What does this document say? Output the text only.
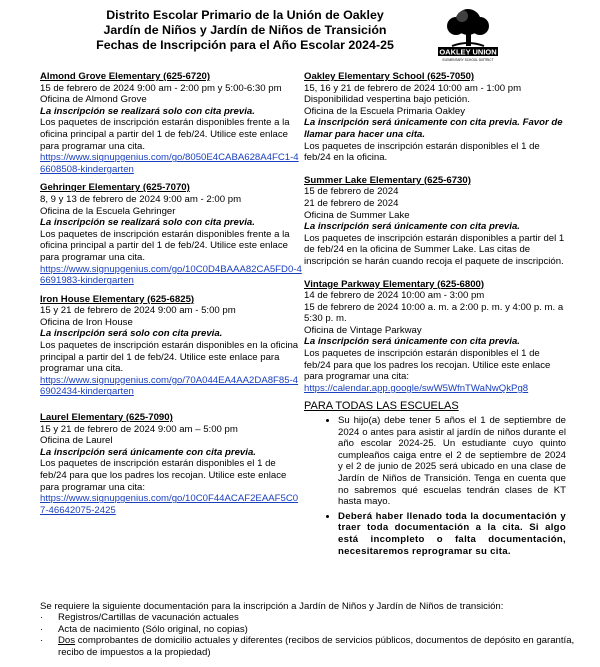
Distrito Escolar Primario de la Unión de Oakley
Jardín de Niños y Jardín de Niños de Transición
Fechas de Inscripción para el Año Escolar 2024-25	OAKLEY UNION
ELEMENTARY SCHOOL DISTRICT
Almond Grove Elementary (625-6720)
15 de febrero de 2024 9:00 am - 2:00 pm y 5:00-6:30 pm
Oficina de Almond Grove
La inscripción se realizará solo con cita previa.
Los paquetes de inscripción estarán disponibles frente a la oficina principal a partir del 1 de feb/24. Utilice este enlace para programar una cita.
https://www.signupgenius.com/go/8050E4CABA628A4FC1-46608508-kindergarten
Gehringer Elementary (625-7070)
8, 9 y 13 de febrero de 2024 9:00 am - 2:00 pm
Oficina de la Escuela Gehringer
La inscripción se realizará solo con cita previa.
Los paquetes de inscripción estarán disponibles frente a la oficina principal a partir del 1 de feb/24. Utilice este enlace para programar una cita.
https://www.signupgenius.com/go/10C0D4BAAA82CA5FD0-46691983-kindergarten
Iron House Elementary (625-6825)
15 y 21 de febrero de 2024 9:00 am - 5:00 pm
Oficina de Iron House
La inscripción será solo con cita previa.
Los paquetes de inscripción estarán disponibles en la oficina principal a partir del 1 de feb/24. Utilice este enlace para programar una cita.
https://www.signupgenius.com/go/70A044EA4AA2DA8F85-46902434-kindergarten
Laurel Elementary (625-7090)
15 y 21 de febrero de 2024 9:00 am – 5:00 pm
Oficina de Laurel
La inscripción será únicamente con cita previa.
Los paquetes de inscripción estarán disponibles el 1 de feb/24 para que los padres los recojan. Utilice este enlace para programar una cita:
https://www.signupgenius.com/go/10C0F44ACAF2EAAF5C07-46642075-2425
Oakley Elementary School (625-7050)
15, 16 y 21 de febrero de 2024 10:00 am - 1:00 pm
Disponibilidad vespertina bajo petición.
Oficina de la Escuela Primaria Oakley
La inscripción será únicamente con cita previa. Favor de llamar para hacer una cita.
Los paquetes de inscripción estarán disponibles el 1 de feb/24 en la oficina.
Summer Lake Elementary (625-6730)
15 de febrero de 2024
21 de febrero de 2024
Oficina de Summer Lake
La inscripción será únicamente con cita previa.
Los paquetes de inscripción estarán disponibles a partir del 1 de feb/24 en la oficina de Summer Lake. Las citas de inscripción se harán cuando recoja el paquete de inscripción.
Vintage Parkway Elementary (625-6800)
14 de febrero de 2024 10:00 am - 3:00 pm
15 de febrero de 2024 10:00 a. m. a 2:00 p. m. y 4:00 p. m. a 5:30 p. m.
Oficina de Vintage Parkway
La inscripción será únicamente con cita previa.
Los paquetes de inscripción estarán disponibles el 1 de feb/24 para que los padres los recojan. Utilice este enlace para programar una cita:
https://calendar.app.google/swW5WfnTWaNwQkPg8
PARA TODAS LAS ESCUELAS
• Su hijo(a) debe tener 5 años el 1 de septiembre de 2024 o antes para asistir al jardín de niños durante el año escolar 2024-25. Un estudiante cuyo quinto cumpleaños caiga entre el 2 de septiembre de 2024 y el 2 de junio de 2025 será ubicado en una clase de Jardín de Niños de Transición. Tenga en cuenta que no sabremos qué escuelas tendrán clases de KT hasta mayo.
• Deberá haber llenado toda la documentación y traer toda documentación a la cita. Si algo está incompleto o falta documentación, necesitaremos reprogramar su cita.
Se requiere la siguiente documentación para la inscripción a Jardín de Niños y Jardín de Niños de transición:
·	Registros/Cartillas de vacunación actuales
·	Acta de nacimiento (Sólo original, no copias)
·	Dos comprobantes de domicilio actuales y diferentes (recibos de servicios públicos, documentos de depósito en garantía, recibo de impuestos a la propiedad)
